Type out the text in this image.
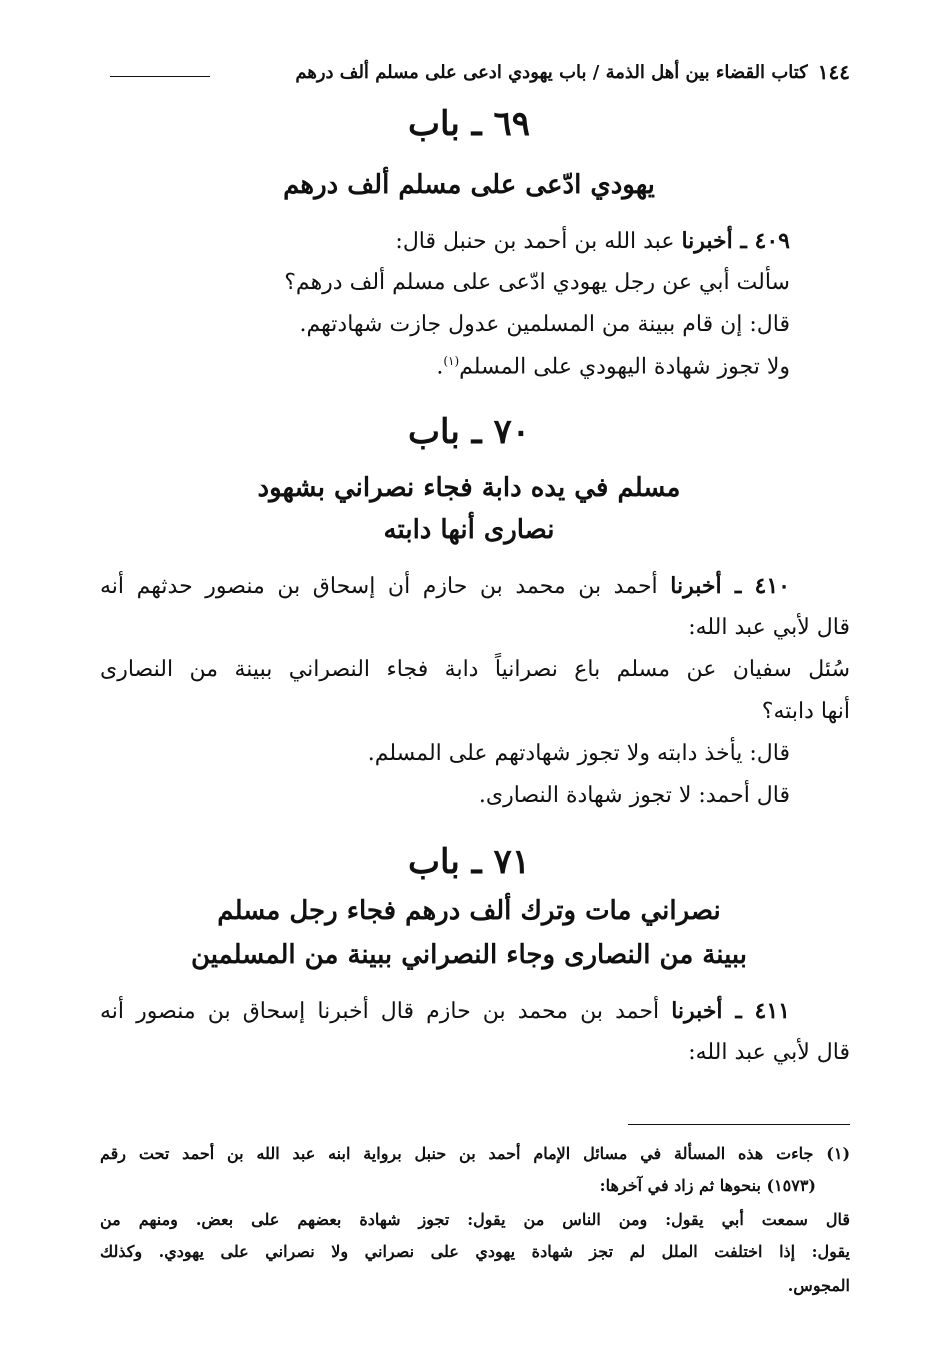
١٤٤
كتاب القضاء بين أهل الذمة / باب يهودي ادعى على مسلم ألف درهم
٦٩ ـ باب
يهودي ادّعى على مسلم ألف درهم
٤٠٩ ـ أخبرنا عبد الله بن أحمد بن حنبل قال:
سألت أبي عن رجل يهودي ادّعى على مسلم ألف درهم؟
قال: إن قام ببينة من المسلمين عدول جازت شهادتهم.
ولا تجوز شهادة اليهودي على المسلم$^{(١)}$.
٧٠ ـ باب
مسلم في يده دابة فجاء نصراني بشهود
نصارى أنها دابته
٤١٠ ـ أخبرنا أحمد بن محمد بن حازم أن إسحاق بن منصور حدثهم أنه
قال لأبي عبد الله:
سُئل سفيان عن مسلم باع نصرانياً دابة فجاء النصراني ببينة من النصارى
أنها دابته؟
قال: يأخذ دابته ولا تجوز شهادتهم على المسلم.
قال أحمد: لا تجوز شهادة النصارى.
٧١ ـ باب
نصراني مات وترك ألف درهم فجاء رجل مسلم
ببينة من النصارى وجاء النصراني ببينة من المسلمين
٤١١ ـ أخبرنا أحمد بن محمد بن حازم قال أخبرنا إسحاق بن منصور أنه
قال لأبي عبد الله:
(١) جاءت هذه المسألة في مسائل الإمام أحمد بن حنبل برواية ابنه عبد الله بن أحمد تحت رقم
(١٥٧٣) بنحوها ثم زاد في آخرها:
قال سمعت أبي يقول: ومن الناس من يقول: تجوز شهادة بعضهم على بعض. ومنهم من
يقول: إذا اختلفت الملل لم تجز شهادة يهودي على نصراني ولا نصراني على يهودي. وكذلك
المجوس.
